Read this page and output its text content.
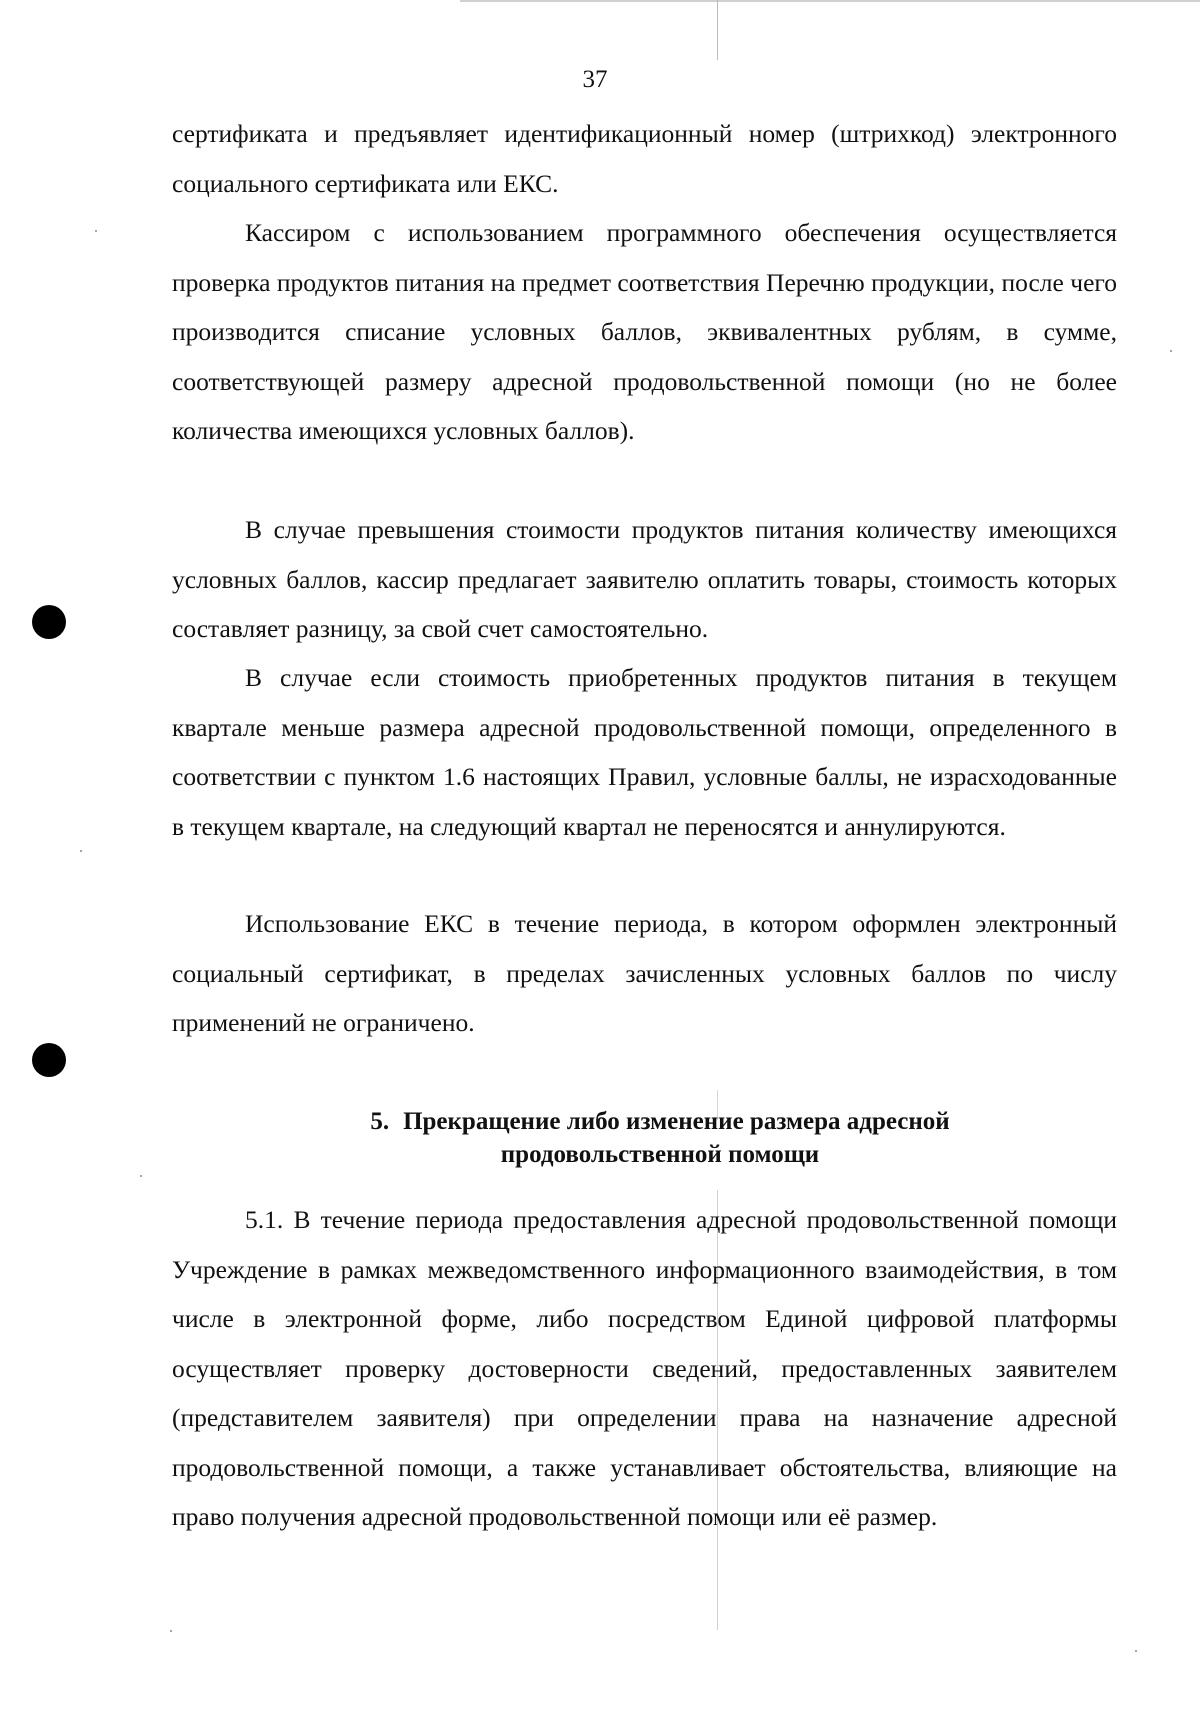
37

сертификата и предъявляет идентификационный номер (штрихкод) электронного социального сертификата или ЕКС.

Кассиром с использованием программного обеспечения осуществляется проверка продуктов питания на предмет соответствия Перечню продукции, после чего производится списание условных баллов, эквивалентных рублям, в сумме, соответствующей размеру адресной продовольственной помощи (но не более количества имеющихся условных баллов).

В случае превышения стоимости продуктов питания количеству имеющихся условных баллов, кассир предлагает заявителю оплатить товары, стоимость которых составляет разницу, за свой счет самостоятельно.

В случае если стоимость приобретенных продуктов питания в текущем квартале меньше размера адресной продовольственной помощи, определенного в соответствии с пунктом 1.6 настоящих Правил, условные баллы, не израсходованные в текущем квартале, на следующий квартал не переносятся и аннулируются.

Использование ЕКС в течение периода, в котором оформлен электронный социальный сертификат, в пределах зачисленных условных баллов по числу применений не ограничено.

5. Прекращение либо изменение размера адресной
продовольственной помощи

5.1. В течение периода предоставления адресной продовольственной помощи Учреждение в рамках межведомственного информационного взаимодействия, в том числе в электронной форме, либо посредством Единой цифровой платформы осуществляет проверку достоверности сведений, предоставленных заявителем (представителем заявителя) при определении права на назначение адресной продовольственной помощи, а также устанавливает обстоятельства, влияющие на право получения адресной продовольственной помощи или её размер.
